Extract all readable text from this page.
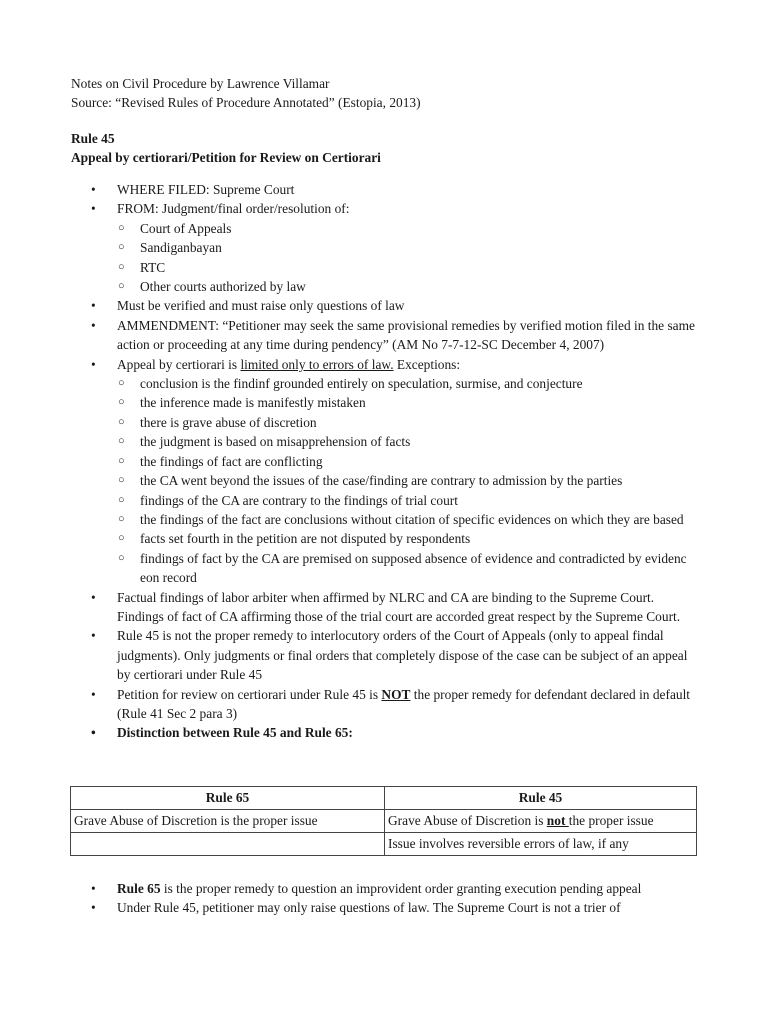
Notes on Civil Procedure by Lawrence Villamar
Source: “Revised Rules of Procedure Annotated” (Estopia, 2013)
Rule 45
Appeal by certiorari/Petition for Review on Certiorari
• WHERE FILED: Supreme Court
• FROM: Judgment/final order/resolution of:
○ Court of Appeals
○ Sandiganbayan
○ RTC
○ Other courts authorized by law
• Must be verified and must raise only questions of law
• AMMENDMENT: “Petitioner may seek the same provisional remedies by verified motion filed in the same action or proceeding at any time during pendency” (AM No 7-7-12-SC December 4, 2007)
• Appeal by certiorari is limited only to errors of law. Exceptions:
○ conclusion is the findinf grounded entirely on speculation, surmise, and conjecture
○ the inference made is manifestly mistaken
○ there is grave abuse of discretion
○ the judgment is based on misapprehension of facts
○ the findings of fact are conflicting
○ the CA went beyond the issues of the case/finding are contrary to admission by the parties
○ findings of the CA are contrary to the findings of trial court
○ the findings of the fact are conclusions without citation of specific evidences on which they are based
○ facts set fourth in the petition are not disputed by respondents
○ findings of fact by the CA are premised on supposed absence of evidence and contradicted by evidenc eon record
• Factual findings of labor arbiter when affirmed by NLRC and CA are binding to the Supreme Court. Findings of fact of CA affirming those of the trial court are accorded great respect by the Supreme Court.
• Rule 45 is not the proper remedy to interlocutory orders of the Court of Appeals (only to appeal findal judgments). Only judgments or final orders that completely dispose of the case can be subject of an appeal by certiorari under Rule 45
• Petition for review on certiorari under Rule 45 is NOT the proper remedy for defendant declared in default (Rule 41 Sec 2 para 3)
• Distinction between Rule 45 and Rule 65:
Rule 65	Rule 45
Grave Abuse of Discretion is the proper issue	Grave Abuse of Discretion is not the proper issue
	Issue involves reversible errors of law, if any
• Rule 65 is the proper remedy to question an improvident order granting execution pending appeal
• Under Rule 45, petitioner may only raise questions of law. The Supreme Court is not a trier of
